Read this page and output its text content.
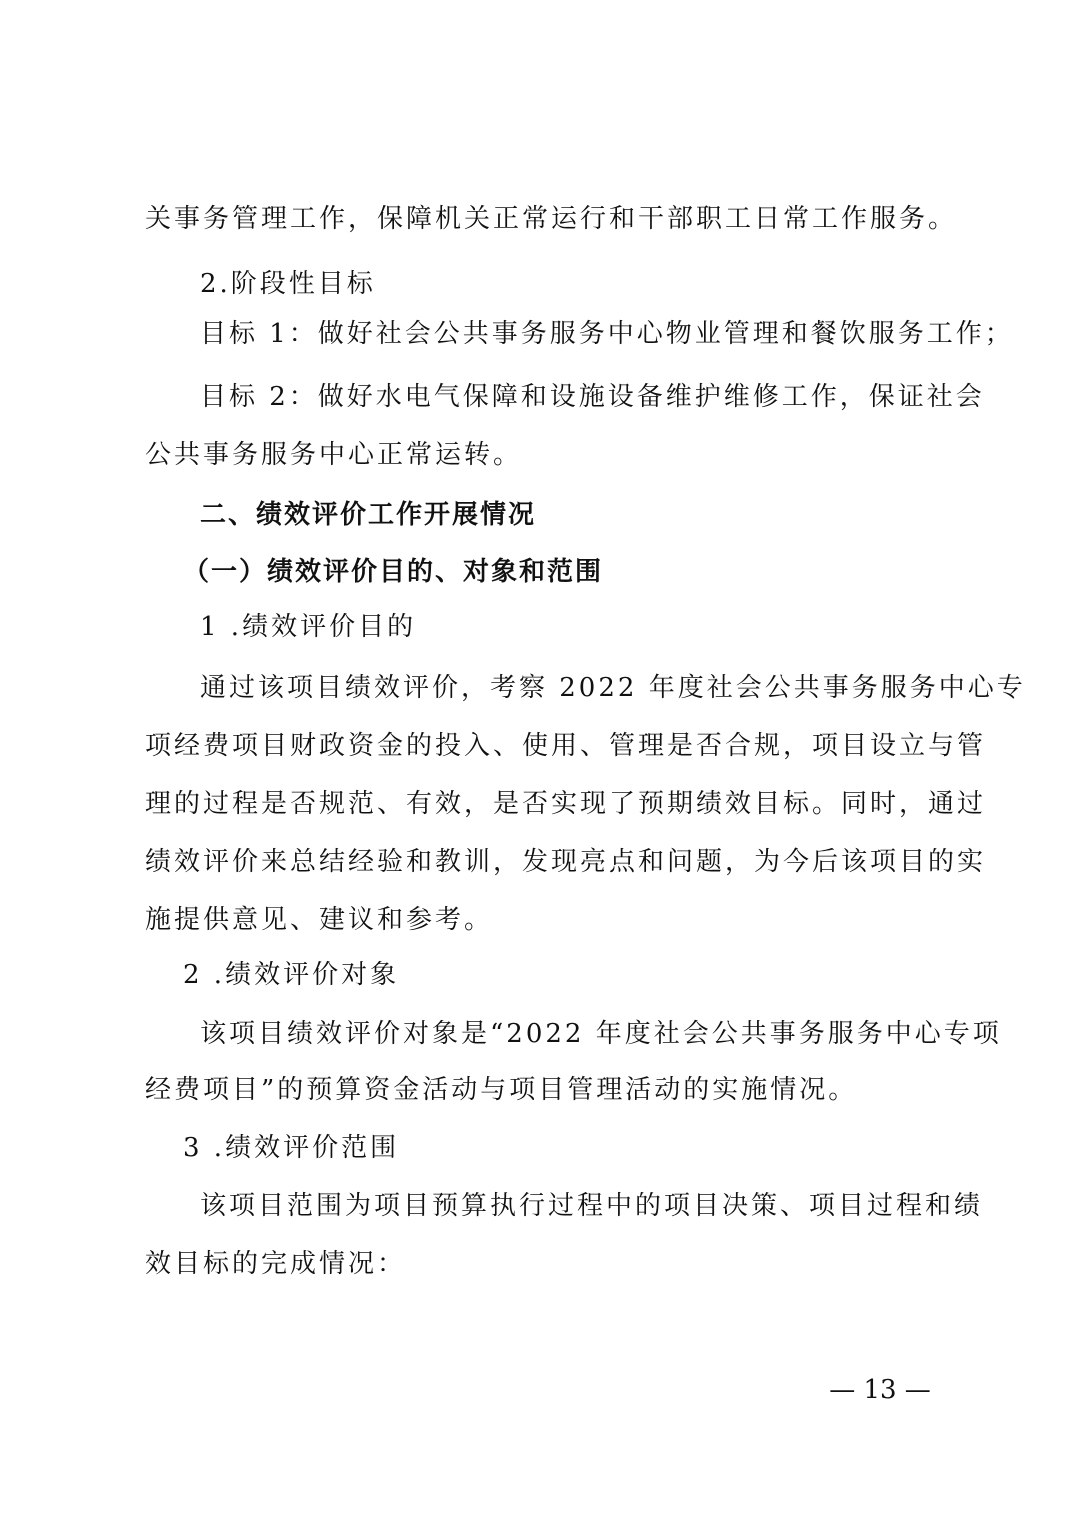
关事务管理工作，保障机关正常运行和干部职工日常工作服务。
2.阶段性目标
目标 1：做好社会公共事务服务中心物业管理和餐饮服务工作；
目标 2：做好水电气保障和设施设备维护维修工作，保证社会
公共事务服务中心正常运转。
二、绩效评价工作开展情况
（一）绩效评价目的、对象和范围
1 .绩效评价目的
通过该项目绩效评价，考察 2022 年度社会公共事务服务中心专
项经费项目财政资金的投入、使用、管理是否合规，项目设立与管
理的过程是否规范、有效，是否实现了预期绩效目标。同时，通过
绩效评价来总结经验和教训，发现亮点和问题，为今后该项目的实
施提供意见、建议和参考。
2 .绩效评价对象
该项目绩效评价对象是“2022 年度社会公共事务服务中心专项
经费项目”的预算资金活动与项目管理活动的实施情况。
3 .绩效评价范围
该项目范围为项目预算执行过程中的项目决策、项目过程和绩
效目标的完成情况：
— 13 —
